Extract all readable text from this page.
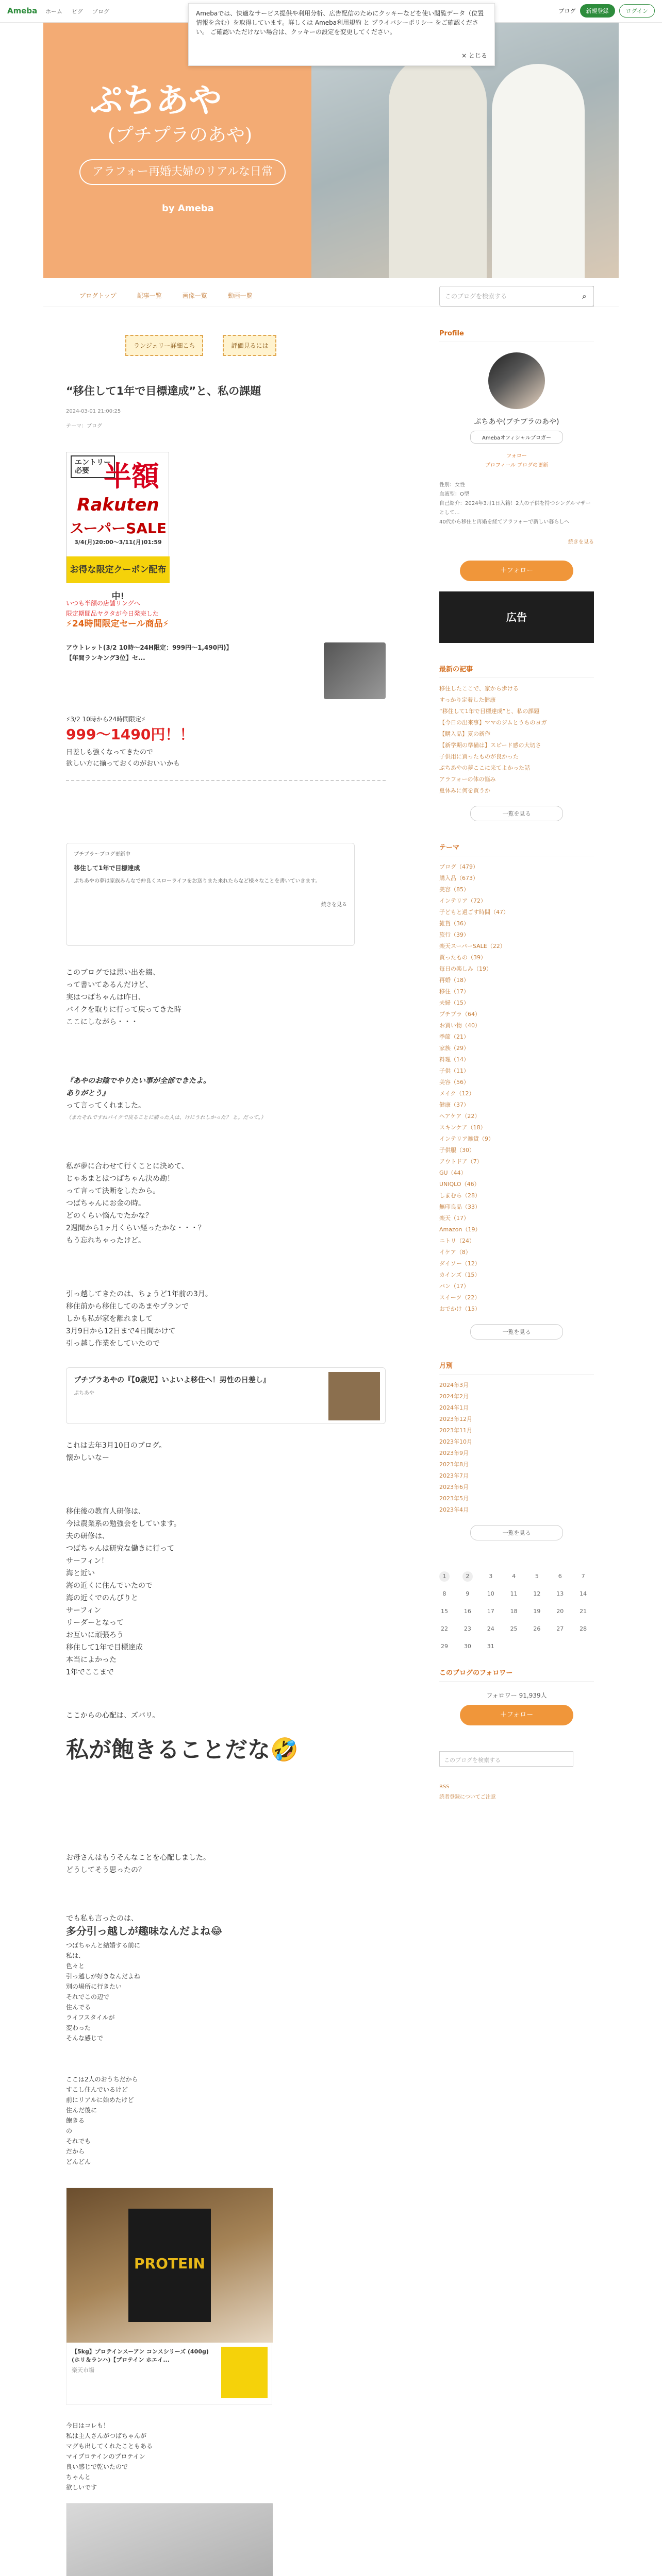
Ameba ホーム ピグ ブログ	ブログ	新規登録	ログイン
Amebaでは、快適なサービス提供や利用分析、広告配信のためにクッキーなどを使い閲覧データ（位置情報を含む）を取得しています。詳しくは Ameba利用規約 と プライバシーポリシー をご確認ください。 ご確認いただけない場合は、クッキーの設定を変更してください。
× とじる
ぷちあや
(プチプラのあや)
アラフォー再婚夫婦のリアルな日常
by Ameba
ブログトップ	記事一覧	画像一覧	動画一覧	このブログを検索する	⌕
ランジェリー詳細こち	評価見るには
“移住して1年で目標達成”と、私の課題
2024-03-01 21:00:25
テーマ：ブログ
エントリー
必要 半額
Rakuten
スーパーSALE
3/4(月)20:00～3/11(月)01:59
お得な限定クーポン配布中!
いつも半額の店舗リングへ
限定期間品ヤクタが今日発売した
⚡24時間限定セール商品⚡
アウトレット(3/2 10時〜24H限定：999円～1,490円)】【年間ランキング3位】セ...
⚡3/2 10時から24時間限定⚡
999～1490円！！
日差しも強くなってきたので
欲しい方に揃っておくのがおいいかも
プチプラ～ブログ更新中
移住して1年で目標達成
ぷちあやの夢は家族みんなで仲良くスローライフをお送りまた来れたらなど様々なことを書いていきます。
続きを見る
このブログでは思い出を綴、
って書いてあるんだけど、
実はつばちゃんは昨日、
バイクを取りに行って戻ってきた時
ここにしながら・・・
『あやのお陰でやりたい事が全部できたよ。
ありがとう』
って言ってくれました。
（またそれですねバイクで戻ることに勝った人は、けにうれしかった？ と。だって。）
私が夢に合わせて行くことに決めて、
じゃあまとはつばちゃん決め勘！
って言って決断をしたから。
つばちゃんにお金の時。
どのくらい悩んでたかな？
2週間から1ヶ月くらい経ったかな・・・？
もう忘れちゃったけど。
引っ越してきたのは、ちょうど1年前の3月。
移住前から移住してのあまやプランで
しかも私が家を離れまして
3月9日から12日まで4日間かけて
引っ越し作業をしていたので
プチプラあやの『【0歳児】いよいよ移住へ！男性の日差し』
ぷちあや
これは去年3月10日のブログ。
懐かしいなー
移住後の教育人研修は、
今は農業系の勉強会をしています。
夫の研修は、
つばちゃんは研究な働きに行って
サーフィン！
海と近い
海の近くに住んでいたので
海の近くでのんびりと
サーフィン
リーダーとなって
お互いに頑張ろう
移住して1年で目標達成
本当によかった
1年でここまで
ここからの心配は、ズバリ。
私が飽きることだな🤣
お母さんはもうそんなことを心配しました。
どうしてそう思ったの？
でも私も言ったのは、
多分引っ越しが趣味なんだよね😂
つばちゃんと結婚する前に
私は、
色々と
引っ越しが好きなんだよね
別の場所に行きたい
それでこの辺で
住んでる
ライフスタイルが
変わった
そんな感じで
ここは2人のおうちだから
すこし住んでいるけど
前にリアルに始めたけど
住んだ後に
飽きる
の
それでも
だから
どんどん
PROTEIN
【5kg】プロテインスーアン コンスシリーズ (400g)(ホリ＆ランハ)【プロテイン ホエイ...
楽天市場
今日はコレも！
私は主人さんがつばちゃんが
マグも出してくれたこともある
マイプロテインのプロテイン
良い感じで乾いたので
ちゃんと
欲しいです
Profile
ぷちあや(プチプラのあや)
Amebaオフィシャルブロガー
フォロー
プロフィール ブログの更新
性別：女性
血液型：O型
自己紹介：2024年3月1日入籍！2人の子供を持つシングルマザーとして...
40代から移住と再婚を経てアラフォーで新しい暮らしへ
続きを見る
＋フォロー
広告
最新の記事
移住したここで、家から歩ける
すっかり定着した健康
“移住して1年で目標達成”と、私の課題
【今日の出来事】ママのジムとうちのヨガ
【購入品】夏の新作
【新学期の準備は】スピード感の大切さ
子供用に買ったものが良かった
ぷちあやの夢ここに来てよかった話
アラフォーの体の悩み
夏休みに何を買うか
一覧を見る
テーマ
ブログ（479）
購入品（673）
美容（85）
インテリア（72）
子どもと過ごす時間（47）
雑貨（36）
旅行（39）
楽天スーパーSALE（22）
買ったもの（39）
毎日の楽しみ（19）
再婚（18）
移住（17）
夫婦（15）
プチプラ（64）
お買い物（40）
季節（21）
家族（29）
料理（14）
子供（11）
美容（56）
メイク（12）
健康（37）
ヘアケア（22）
スキンケア（18）
インテリア雑貨（9）
子供服（30）
アウトドア（7）
GU（44）
UNIQLO（46）
しまむら（28）
無印良品（33）
楽天（17）
Amazon（19）
ニトリ（24）
イケア（8）
ダイソー（12）
カインズ（15）
パン（17）
スイーツ（22）
おでかけ（15）
一覧を見る
月別
2024年3月
2024年2月
2024年1月
2023年12月
2023年11月
2023年10月
2023年9月
2023年8月
2023年7月
2023年6月
2023年5月
2023年4月
一覧を見る
1	2	3	4	5	6	7
8	9	10	11	12	13	14
15	16	17	18	19	20	21
22	23	24	25	26	27	28
29	30	31
このブログのフォロワー
フォロワー 91,939人
＋フォロー
このブログを検索する
RSS
読者登録についてご注意
